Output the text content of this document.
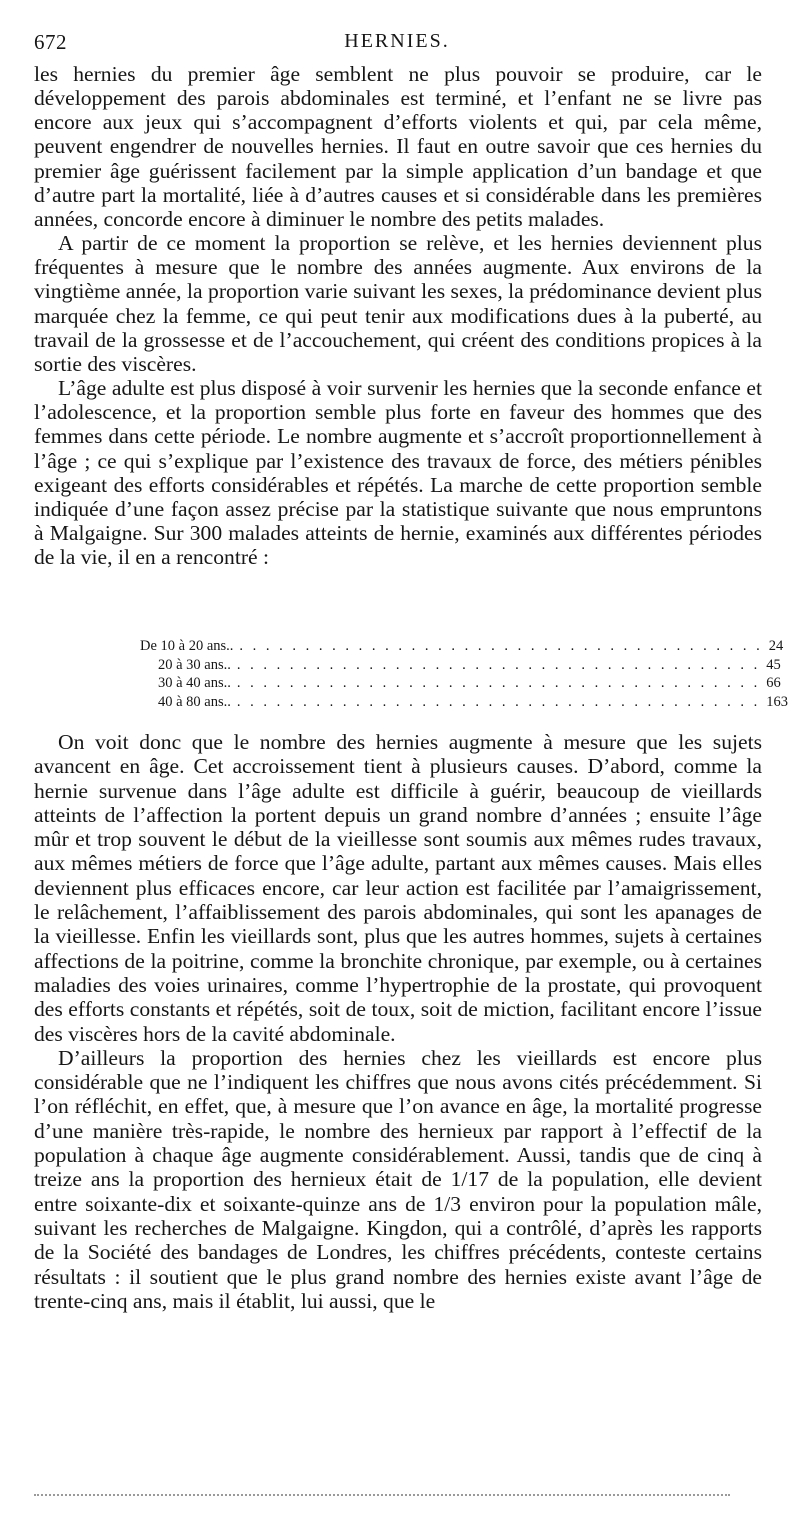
672	HERNIES.

les hernies du premier âge semblent ne plus pouvoir se produire, car le développement des parois abdominales est terminé, et l’enfant ne se livre pas encore aux jeux qui s’accompagnent d’efforts violents et qui, par cela même, peuvent engendrer de nouvelles hernies. Il faut en outre savoir que ces hernies du premier âge guérissent facilement par la simple application d’un bandage et que d’autre part la mortalité, liée à d’autres causes et si considérable dans les premières années, concorde encore à diminuer le nombre des petits malades.

A partir de ce moment la proportion se relève, et les hernies deviennent plus fréquentes à mesure que le nombre des années augmente. Aux environs de la vingtième année, la proportion varie suivant les sexes, la prédominance devient plus marquée chez la femme, ce qui peut tenir aux modifications dues à la puberté, au travail de la grossesse et de l’accouchement, qui créent des conditions propices à la sortie des viscères.

L’âge adulte est plus disposé à voir survenir les hernies que la seconde enfance et l’adolescence, et la proportion semble plus forte en faveur des hommes que des femmes dans cette période. Le nombre augmente et s’accroît proportionnellement à l’âge ; ce qui s’explique par l’existence des travaux de force, des métiers pénibles exigeant des efforts considérables et répétés. La marche de cette proportion semble indiquée d’une façon assez précise par la statistique suivante que nous empruntons à Malgaigne. Sur 300 malades atteints de hernie, examinés aux différentes périodes de la vie, il en a rencontré :

De 10 à 20 ans.. . . . . . . . . . . . . . . . . . . . . . . . . . . . . . . . . . . . . . . . . 24
20 à 30 ans.. . . . . . . . . . . . . . . . . . . . . . . . . . . . . . . . . . . . . . . . . 45
30 à 40 ans.. . . . . . . . . . . . . . . . . . . . . . . . . . . . . . . . . . . . . . . . . 66
40 à 80 ans.. . . . . . . . . . . . . . . . . . . . . . . . . . . . . . . . . . . . . . . . . 163

On voit donc que le nombre des hernies augmente à mesure que les sujets avancent en âge. Cet accroissement tient à plusieurs causes. D’abord, comme la hernie survenue dans l’âge adulte est difficile à guérir, beaucoup de vieillards atteints de l’affection la portent depuis un grand nombre d’années ; ensuite l’âge mûr et trop souvent le début de la vieillesse sont soumis aux mêmes rudes travaux, aux mêmes métiers de force que l’âge adulte, partant aux mêmes causes. Mais elles deviennent plus efficaces encore, car leur action est facilitée par l’amaigrissement, le relâchement, l’affaiblissement des parois abdominales, qui sont les apanages de la vieillesse. Enfin les vieillards sont, plus que les autres hommes, sujets à certaines affections de la poitrine, comme la bronchite chronique, par exemple, ou à certaines maladies des voies urinaires, comme l’hypertrophie de la prostate, qui provoquent des efforts constants et répétés, soit de toux, soit de miction, facilitant encore l’issue des viscères hors de la cavité abdominale.

D’ailleurs la proportion des hernies chez les vieillards est encore plus considérable que ne l’indiquent les chiffres que nous avons cités précédemment. Si l’on réfléchit, en effet, que, à mesure que l’on avance en âge, la mortalité progresse d’une manière très-rapide, le nombre des hernieux par rapport à l’effectif de la population à chaque âge augmente considérablement. Aussi, tandis que de cinq à treize ans la proportion des hernieux était de 1/17 de la population, elle devient entre soixante-dix et soixante-quinze ans de 1/3 environ pour la population mâle, suivant les recherches de Malgaigne. Kingdon, qui a contrôlé, d’après les rapports de la Société des bandages de Londres, les chiffres précédents, conteste certains résultats : il soutient que le plus grand nombre des hernies existe avant l’âge de trente-cinq ans, mais il établit, lui aussi, que le
